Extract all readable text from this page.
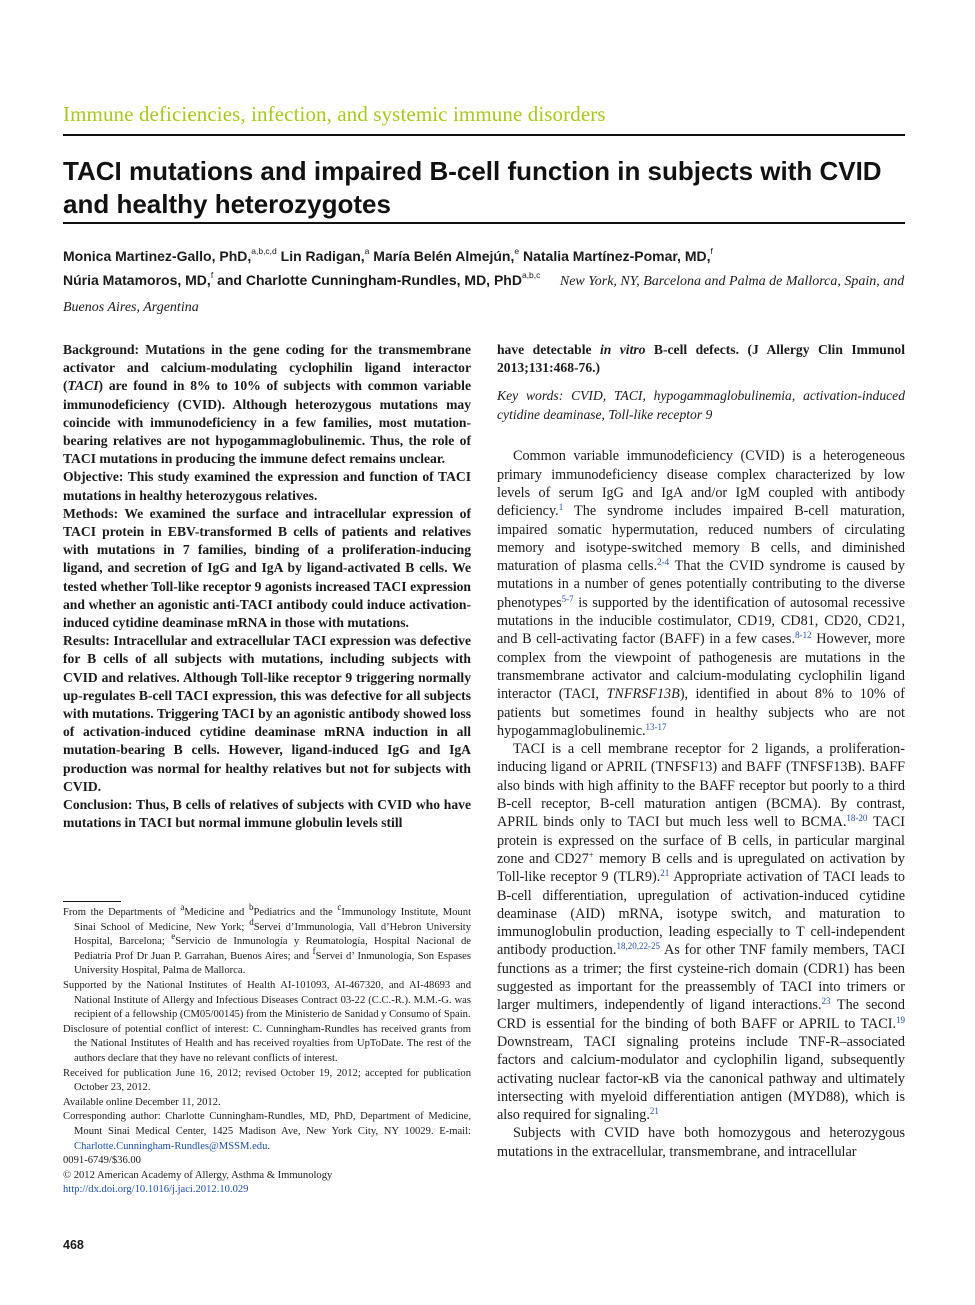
Immune deficiencies, infection, and systemic immune disorders
TACI mutations and impaired B-cell function in subjects with CVID and healthy heterozygotes
Monica Martinez-Gallo, PhD,$^{a,b,c,d}$ Lin Radigan,$^a$ María Belén Almejún,$^e$ Natalia Martínez-Pomar, MD,$^f$
Núria Matamoros, MD,$^f$ and Charlotte Cunningham-Rundles, MD, PhD$^{a,b,c}$ New York, NY, Barcelona and Palma de Mallorca, Spain, and Buenos Aires, Argentina

Background: Mutations in the gene coding for the transmembrane activator and calcium-modulating cyclophilin ligand interactor (TACI) are found in 8% to 10% of subjects with common variable immunodeficiency (CVID). Although heterozygous mutations may coincide with immunodeficiency in a few families, most mutation-bearing relatives are not hypogammaglobulinemic. Thus, the role of TACI mutations in producing the immune defect remains unclear.

Objective: This study examined the expression and function of TACI mutations in healthy heterozygous relatives.

Methods: We examined the surface and intracellular expression of TACI protein in EBV-transformed B cells of patients and relatives with mutations in 7 families, binding of a proliferation-inducing ligand, and secretion of IgG and IgA by ligand-activated B cells. We tested whether Toll-like receptor 9 agonists increased TACI expression and whether an agonistic anti-TACI antibody could induce activation-induced cytidine deaminase mRNA in those with mutations.

Results: Intracellular and extracellular TACI expression was defective for B cells of all subjects with mutations, including subjects with CVID and relatives. Although Toll-like receptor 9 triggering normally up-regulates B-cell TACI expression, this was defective for all subjects with mutations. Triggering TACI by an agonistic antibody showed loss of activation-induced cytidine deaminase mRNA induction in all mutation-bearing B cells. However, ligand-induced IgG and IgA production was normal for healthy relatives but not for subjects with CVID.

Conclusion: Thus, B cells of relatives of subjects with CVID who have mutations in TACI but normal immune globulin levels still

have detectable in vitro B-cell defects. (J Allergy Clin Immunol 2013;131:468-76.)

Key words: CVID, TACI, hypogammaglobulinemia, activation-induced cytidine deaminase, Toll-like receptor 9

Common variable immunodeficiency (CVID) is a heterogeneous primary immunodeficiency disease complex characterized by low levels of serum IgG and IgA and/or IgM coupled with antibody deficiency.$^1$ The syndrome includes impaired B-cell maturation, impaired somatic hypermutation, reduced numbers of circulating memory and isotype-switched memory B cells, and diminished maturation of plasma cells.$^{2-4}$ That the CVID syndrome is caused by mutations in a number of genes potentially contributing to the diverse phenotypes$^{5-7}$ is supported by the identification of autosomal recessive mutations in the inducible costimulator, CD19, CD81, CD20, CD21, and B cell-activating factor (BAFF) in a few cases.$^{8-12}$ However, more complex from the viewpoint of pathogenesis are mutations in the transmembrane activator and calcium-modulating cyclophilin ligand interactor (TACI, TNFRSF13B), identified in about 8% to 10% of patients but sometimes found in healthy subjects who are not hypogammaglobulinemic.$^{13-17}$

TACI is a cell membrane receptor for 2 ligands, a proliferation-inducing ligand or APRIL (TNFSF13) and BAFF (TNFSF13B). BAFF also binds with high affinity to the BAFF receptor but poorly to a third B-cell receptor, B-cell maturation antigen (BCMA). By contrast, APRIL binds only to TACI but much less well to BCMA.$^{18-20}$ TACI protein is expressed on the surface of B cells, in particular marginal zone and CD27+ memory B cells and is upregulated on activation by Toll-like receptor 9 (TLR9).$^{21}$ Appropriate activation of TACI leads to B-cell differentiation, upregulation of activation-induced cytidine deaminase (AID) mRNA, isotype switch, and maturation to immunoglobulin production, leading especially to T cell-independent antibody production.$^{18,20,22-25}$ As for other TNF family members, TACI functions as a trimer; the first cysteine-rich domain (CDR1) has been suggested as important for the preassembly of TACI into trimers or larger multimers, independently of ligand interactions.$^{23}$ The second CRD is essential for the binding of both BAFF or APRIL to TACI.$^{19}$ Downstream, TACI signaling proteins include TNF-R–associated factors and calcium-modulator and cyclophilin ligand, subsequently activating nuclear factor-κB via the canonical pathway and ultimately intersecting with myeloid differentiation antigen (MYD88), which is also required for signaling.$^{21}$

Subjects with CVID have both homozygous and heterozygous mutations in the extracellular, transmembrane, and intracellular

From the Departments of $^a$Medicine and $^b$Pediatrics and the $^c$Immunology Institute, Mount Sinai School of Medicine, New York; $^d$Servei d’Immunologia, Vall d’Hebron University Hospital, Barcelona; $^e$Servicio de Inmunología y Reumatología, Hospital Nacional de Pediatría Prof Dr Juan P. Garrahan, Buenos Aires; and $^f$Servei d’ Inmunología, Son Espases University Hospital, Palma de Mallorca.

Supported by the National Institutes of Health AI-101093, AI-467320, and AI-48693 and National Institute of Allergy and Infectious Diseases Contract 03-22 (C.C.-R.). M.M.-G. was recipient of a fellowship (CM05/00145) from the Ministerio de Sanidad y Consumo of Spain.

Disclosure of potential conflict of interest: C. Cunningham-Rundles has received grants from the National Institutes of Health and has received royalties from UpToDate. The rest of the authors declare that they have no relevant conflicts of interest.

Received for publication June 16, 2012; revised October 19, 2012; accepted for publication October 23, 2012.

Available online December 11, 2012.

Corresponding author: Charlotte Cunningham-Rundles, MD, PhD, Department of Medicine, Mount Sinai Medical Center, 1425 Madison Ave, New York City, NY 10029. E-mail: Charlotte.Cunningham-Rundles@MSSM.edu.

0091-6749/$36.00

© 2012 American Academy of Allergy, Asthma & Immunology

http://dx.doi.org/10.1016/j.jaci.2012.10.029

468
